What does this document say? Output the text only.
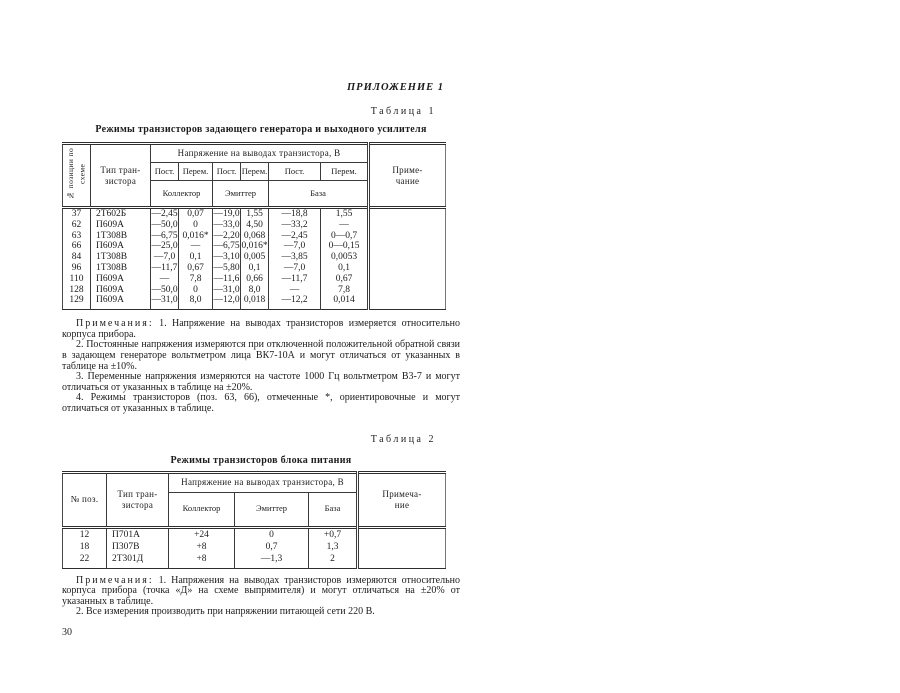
ПРИЛОЖЕНИЕ 1

Таблица 1

Режимы транзисторов задающего генератора и выходного усилителя

№ позиции по схеме	Тип тран-зистора	Напряжение на выводах транзистора, В						Приме-чание
		Пост.	Перем.	Пост.	Перем.	Пост.	Перем.	
		Коллектор		Эмиттер		База		
37	2Т602Б	—2,45	0,07	—19,0	1,55	—18,8	1,55	
62	П609А	—50,0	0	—33,0	4,50	—33,2	—	
63	1Т308В	—6,75	0,016*	—2,20	0,068	—2,45	0—0,7	
66	П609А	—25,0	—	—6,75	0,016*	—7,0	0—0,15	
84	1Т308В	—7,0	0,1	—3,10	0,005	—3,85	0,0053	
96	1Т308В	—11,7	0,67	—5,80	0,1	—7,0	0,1	
110	П609А	—	7,8	—11,6	0,66	—11,7	0,67	
128	П609А	—50,0	0	—31,0	8,0	—	7,8	
129	П609А	—31,0	8,0	—12,0	0,018	—12,2	0,014	

Примечания: 1. Напряжение на выводах транзисторов измеряется относительно корпуса прибора.

2. Постоянные напряжения измеряются при отключенной положительной обратной связи в задающем генераторе вольтметром лица ВК7-10А и могут отличаться от указанных в таблице на ±10%.

3. Переменные напряжения измеряются на частоте 1000 Гц вольтметром В3-7 и могут отличаться от указанных в таблице на ±20%.

4. Режимы транзисторов (поз. 63, 66), отмеченные *, ориентировочные и могут отличаться от указанных в таблице.

Таблица 2

Режимы транзисторов блока питания

№ поз.	Тип тран-зистора	Напряжение на выводах транзистора, В			Примеча-ние
		Коллектор	Эмиттер	База	
12	П701А	+24	0	+0,7	
18	П307В	+8	0,7	1,3	
22	2Т301Д	+8	—1,3	2	

Примечания: 1. Напряжения на выводах транзисторов измеряются относительно корпуса прибора (точка «Д» на схеме выпрямителя) и могут отличаться на ±20% от указанных в таблице.

2. Все измерения производить при напряжении питающей сети 220 В.

30
